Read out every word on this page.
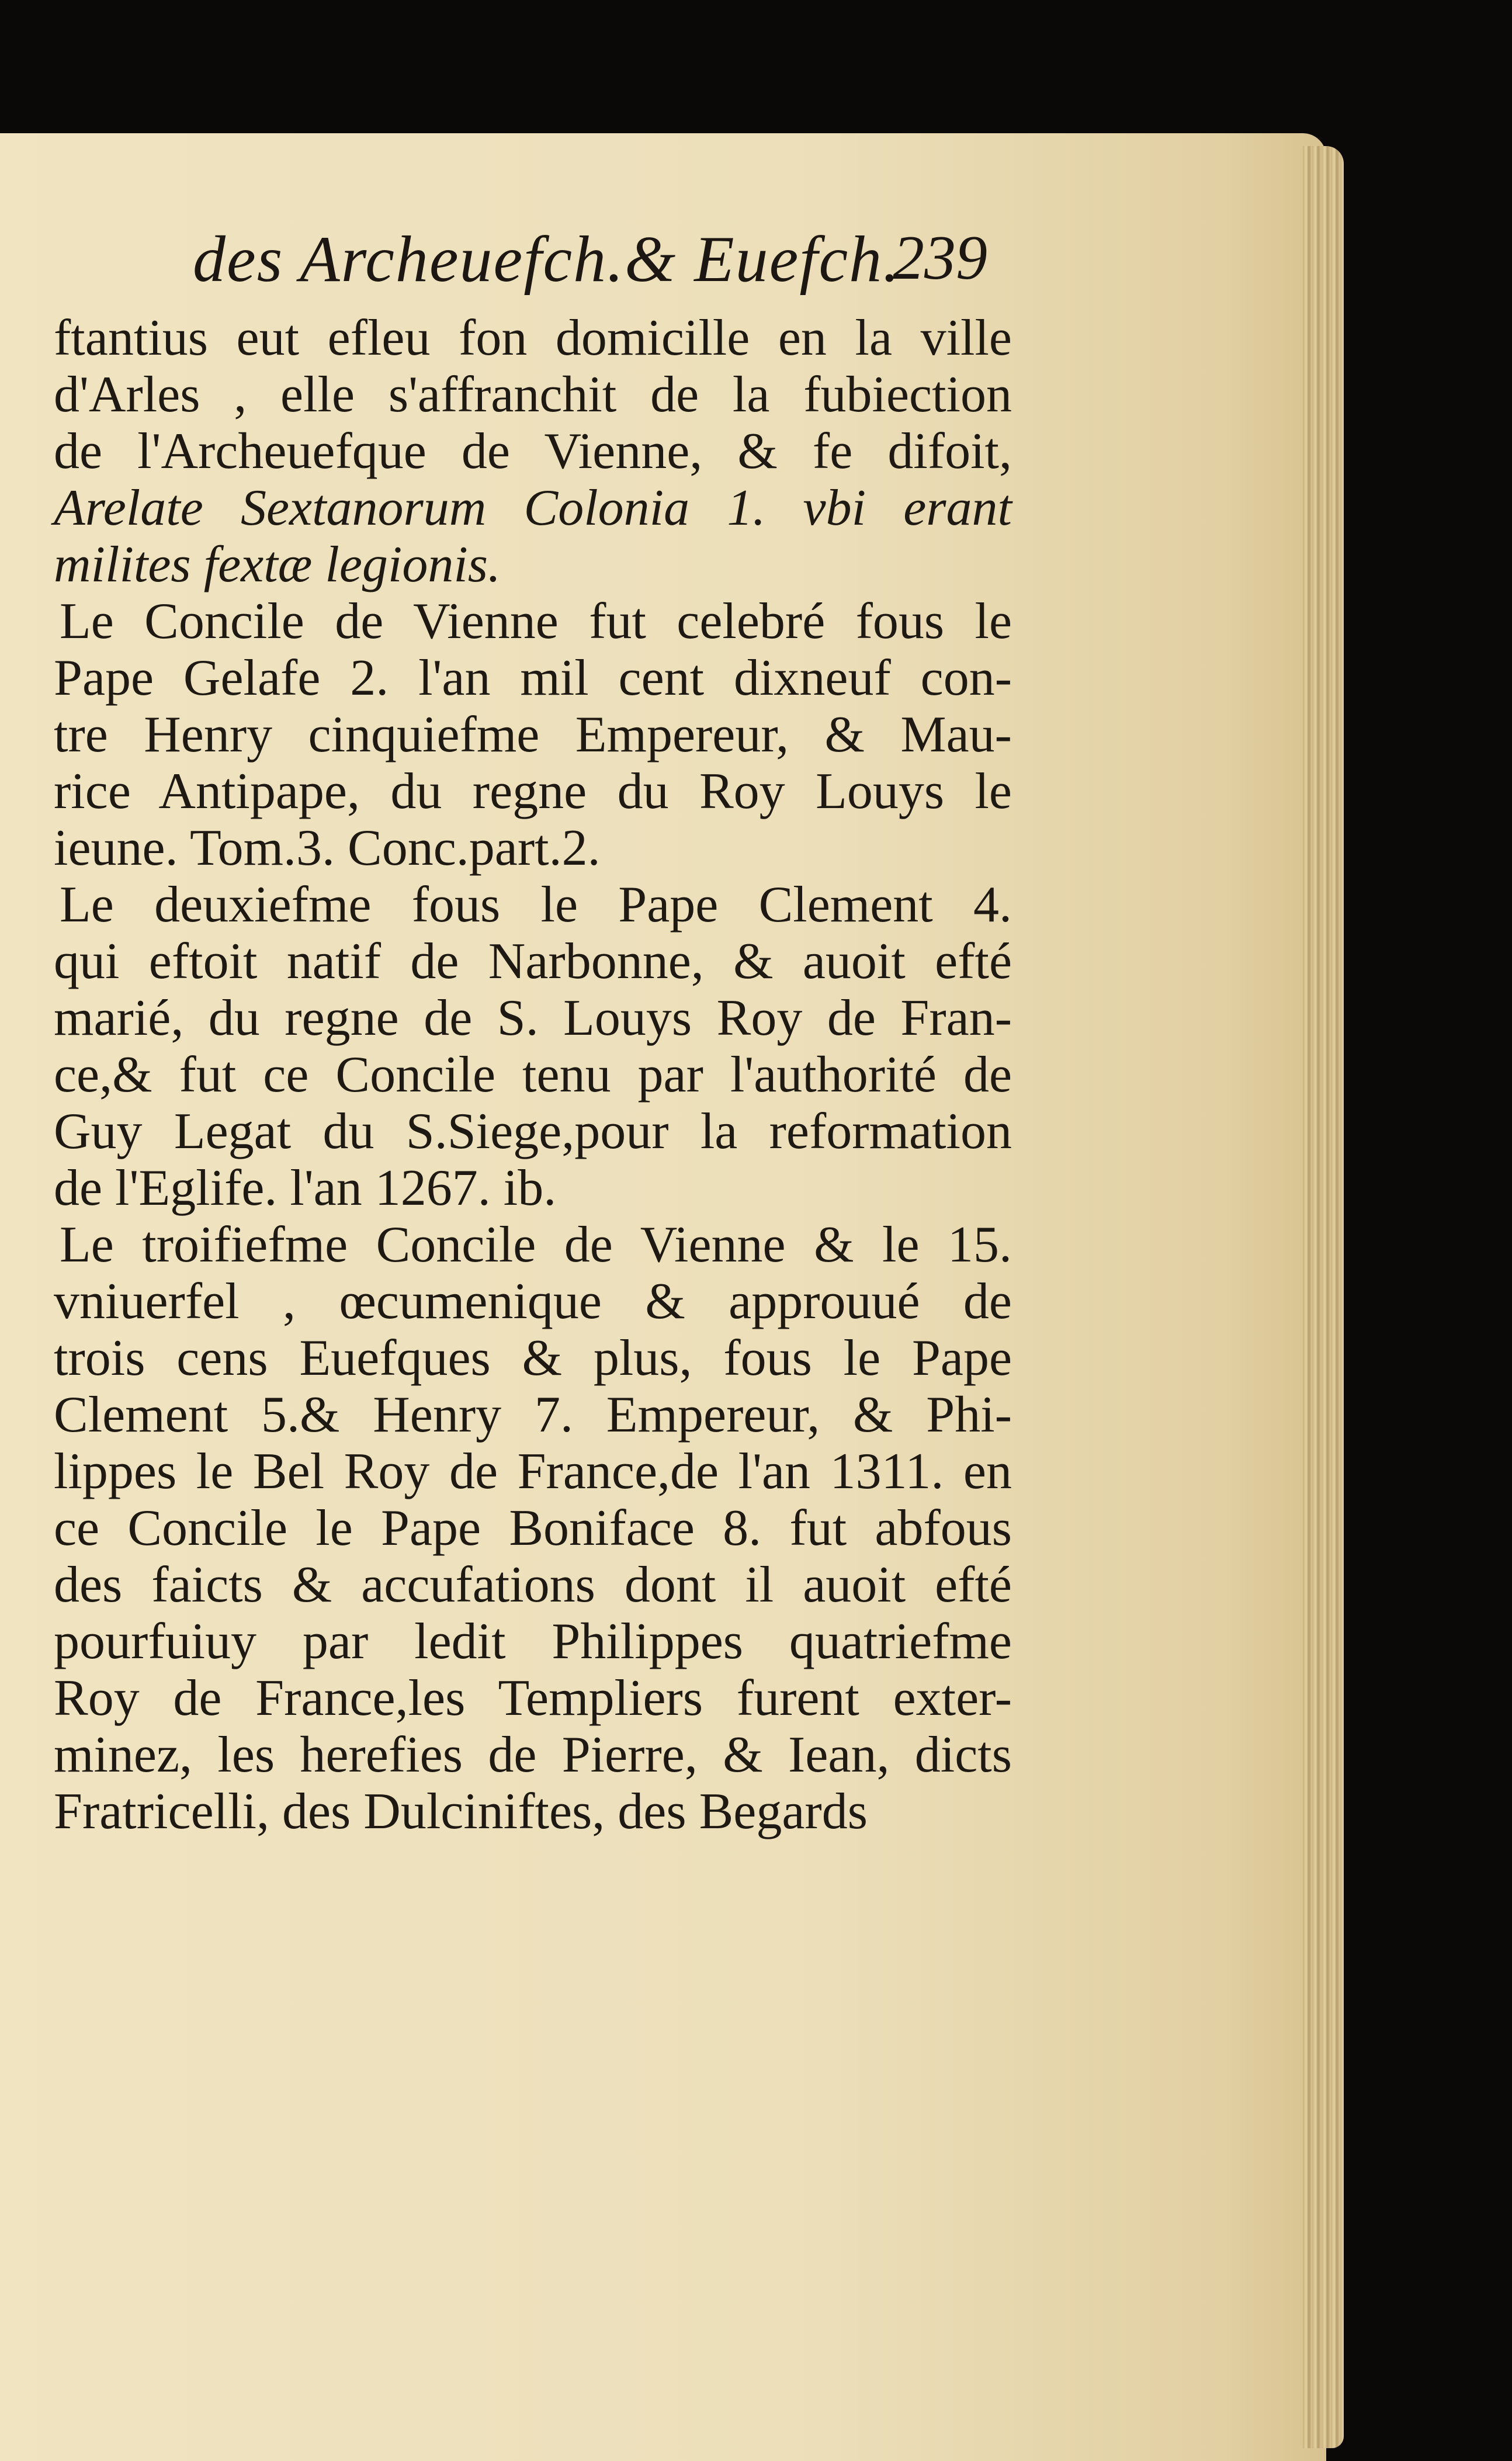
des Archeuefch.& Euefch.
239
ftantius eut efleu fon domicille en la ville
d'Arles , elle s'affranchit de la fubiection
de l'Archeuefque de Vienne, & fe difoit,
Arelate Sextanorum Colonia 1. vbi erant
milites fextæ legionis.
Le Concile de Vienne fut celebré fous le
Pape Gelafe 2. l'an mil cent dixneuf con-
tre Henry cinquiefme Empereur, & Mau-
rice Antipape, du regne du Roy Louys le
ieune. Tom.3. Conc.part.2.
Le deuxiefme fous le Pape Clement 4.
qui eftoit natif de Narbonne, & auoit efté
marié, du regne de S. Louys Roy de Fran-
ce,& fut ce Concile tenu par l'authorité de
Guy Legat du S.Siege,pour la reformation
de l'Eglife. l'an 1267. ib.
Le troifiefme Concile de Vienne & le 15.
vniuerfel , œcumenique & approuué de
trois cens Euefques & plus, fous le Pape
Clement 5.& Henry 7. Empereur, & Phi-
lippes le Bel Roy de France,de l'an 1311. en
ce Concile le Pape Boniface 8. fut abfous
des faicts & accufations dont il auoit efté
pourfuiuy par ledit Philippes quatriefme
Roy de France,les Templiers furent exter-
minez, les herefies de Pierre, & Iean, dicts
Fratricelli, des Dulciniftes, des Begards
